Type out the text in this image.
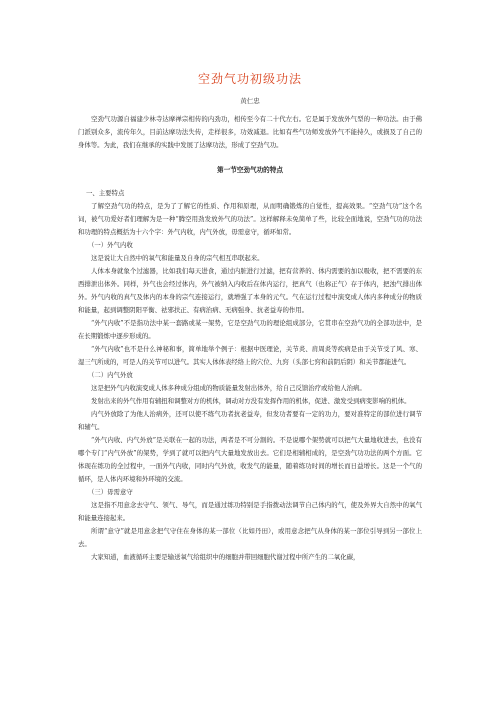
空劲气功初级功法
黄仁忠

空劲气功源自福建少林寺达摩禅宗相传的内劲功，相传至今有二十代左右。它是属于发放外气型的一种功法。由于佛门派别众多，流传年久，目前达摩功法失传，走样很多，功效减退。比如有些气功师发放外气不能持久，或损及了自己的身体等。为此，我们在继承的实践中发展了达摩功法，形成了空劲气功。

第一节空劲气功的特点

一、主要特点

了解空劲气功的特点，是为了了解它的性质、作用和原理，从而明确锻炼的自觉性，提高效果。“空劲气功”这个名词，被气功爱好者们理解为是一种“腾空用劲发放外气的功法”。这样解释未免简单了些，比较全面地说，空劲气功的功法和功理的特点概括为十六个字：外气内收，内气外放，毋需意守，循环如常。

（一）外气内收

这是说让大自然中的氧气和能量及自身的宗气相互串联起来。

人体本身就象个过滤器，比如我们每天进食，通过内脏进行过滤，把有营养的、体内需要的加以吸收，把不需要的东西排泄出体外。同样，外气也会经过体内，外气被纳入内收后在体内运行，把真气（也称正气）存于体内，把浊气排出体外。外气内收的真气及体内的本身的宗气连接运行，就增强了本身的元气。气在运行过程中演变成人体内多种成分的物质和能量，起到调整阴阳平衡、祛邪扶正、有病治病、无病强身、抗老益寿的作用。

“外气内收”不是指功法中某一套路或某一架势，它是空劲气功的理论组成部分，它贯串在空劲气功的全部功法中，是在长期锻炼中逐步形成的。

“外气内收”也不是什么神秘和事，简单地举个例子：根据中医理论，关节炎、肩周炎等疾病是由于关节受了风、寒、湿三气所成的，可是人的关节可以进气。其实人体体表经络上的穴位、九窍（头部七窍和前阴后阴）和关节都能进气。

（二）内气外放

这是把外气内收演变成人体多种成分组成的物质能量发射出体外，给自己反馈治疗或给他人治病。

发射出来的外气作用有辅扭和调整对方的机体，调动对方没有发挥作用的机体，促进、激发受到病变影响的机体。

内气外放除了为他人治病外，还可以使不练气功者抗老益寿，但发功者要有一定的功力，要对准特定的部位进行调节和辅气。

“外气内收、内气外放”是关联在一起的功法，两者是不可分割的。不是说哪个架势就可以把气大量地收进去，也没有哪个专门“内气外放”的架势，学到了就可以把内气大量地发放出去。它们是相辅相成的，是空劲气功功法的两个方面。它体现在练功的全过程中，一面外气内收，同时内气外放，收发气的能量，随着练功时间的增长而日益增长。这是一个气的循环，是人体内环境和外环境的交流。

（三）毋需意守

这是指不用意念去守气、领气、导气，而是通过练功特别是手指拨动法调节自己体内的气，使及外界大自然中的氧气和能量连接起来。

所谓“意守”就是用意念把气守住在身体的某一部位（比如丹田），或用意念把气从身体的某一部位引导到另一部位上去。

大家知道，血液循环主要是输送氧气给组织中的细胞并带回细胞代谢过程中所产生的二氧化碳，
